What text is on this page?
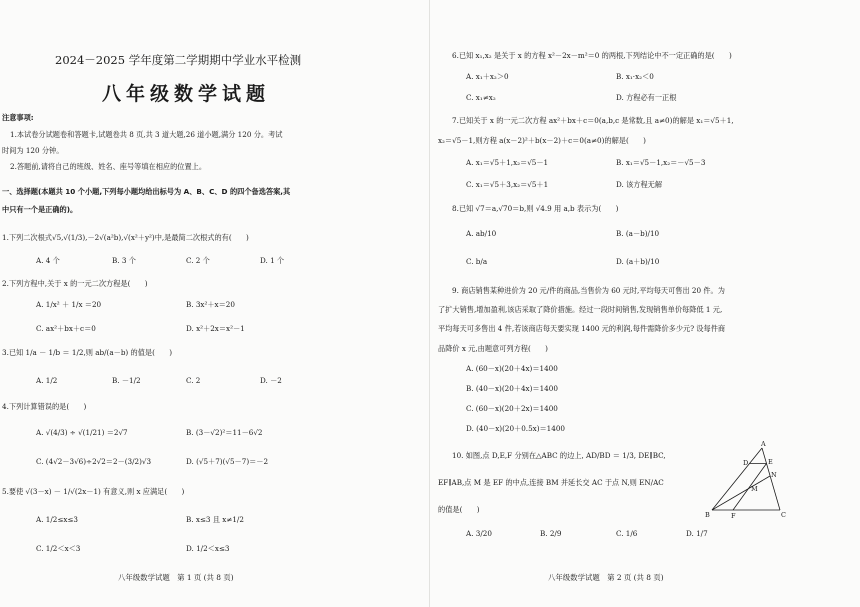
2024－2025 学年度第二学期期中学业水平检测
八年级数学试题
注意事项:
1.本试卷分试题卷和答题卡,试题卷共 8 页,共 3 道大题,26 道小题,满分 120 分。考试
时间为 120 分钟。
2.答题前,请将自己的班级、姓名、座号等填在相应的位置上。
一、选择题(本题共 10 个小题,下列每小题均给出标号为 A、B、C、D 的四个备选答案,其
中只有一个是正确的)。
1.下列二次根式√5,√(1/3),－2√(a²b),√(x²＋y²)中,是最简二次根式的有(　　)
A. 4 个	B. 3 个	C. 2 个	D. 1 个
2.下列方程中,关于 x 的一元二次方程是(　　)
A. 1/x² ＋ 1/x ＝20	B. 3x²＋x＝20
C. ax²＋bx＋c＝0	D. x²＋2x＝x²－1
3.已知 1/a － 1/b ＝ 1/2,则 ab/(a－b) 的值是(　　)
A. 1/2	B. －1/2	C. 2	D. －2
4.下列计算错误的是(　　)
A. √(4/3) ÷ √(1/21) ＝2√7	B. (3－√2)²＝11－6√2
C. (4√2－3√6)÷2√2＝2－(3/2)√3	D. (√5＋7)(√5－7)＝－2
5.要使 √(3－x) － 1/√(2x－1) 有意义,则 x 应满足(　　)
A. 1/2≤x≤3	B. x≤3 且 x≠1/2
C. 1/2＜x＜3	D. 1/2＜x≤3
八年级数学试题　第 1 页 (共 8 页)
6.已知 x₁,x₂ 是关于 x 的方程 x²－2x－m²＝0 的两根,下列结论中不一定正确的是(　　)
A. x₁＋x₂＞0	B. x₁·x₂＜0
C. x₁≠x₂	D. 方程必有一正根
7.已知关于 x 的一元二次方程 ax²＋bx＋c＝0(a,b,c 是常数,且 a≠0)的解是 x₁＝√5＋1,
x₂＝√5－1,则方程 a(x－2)²＋b(x－2)＋c＝0(a≠0)的解是(　　)
A. x₁＝√5＋1,x₂＝√5－1	B. x₁＝√5－1,x₂＝－√5－3
C. x₁＝√5＋3,x₂＝√5＋1	D. 该方程无解
8.已知 √7＝a,√70＝b,则 √4.9 用 a,b 表示为(　　)
A. ab/10	B. (a－b)/10
C. b/a	D. (a＋b)/10
9. 商店销售某种进价为 20 元/件的商品,当售价为 60 元时,平均每天可售出 20 件。为
了扩大销售,增加盈利,该店采取了降价措施。经过一段时间销售,发现销售单价每降低 1 元,
平均每天可多售出 4 件,若该商店每天要实现 1400 元的利润,每件需降价多少元? 设每件商
品降价 x 元,由题意可列方程(　　)
A. (60－x)(20＋4x)＝1400
B. (40－x)(20＋4x)＝1400
C. (60－x)(20＋2x)＝1400
D. (40－x)(20＋0.5x)＝1400
10. 如图,点 D,E,F 分别在△ABC 的边上, AD/BD ＝ 1/3, DE∥BC,
EF∥AB,点 M 是 EF 的中点,连接 BM 并延长交 AC 于点 N,则 EN/AC
的值是(　　)
A. 3/20	B. 2/9	C. 1/6	D. 1/7
A
D	E
N
M
B	F	C
八年级数学试题　第 2 页 (共 8 页)
